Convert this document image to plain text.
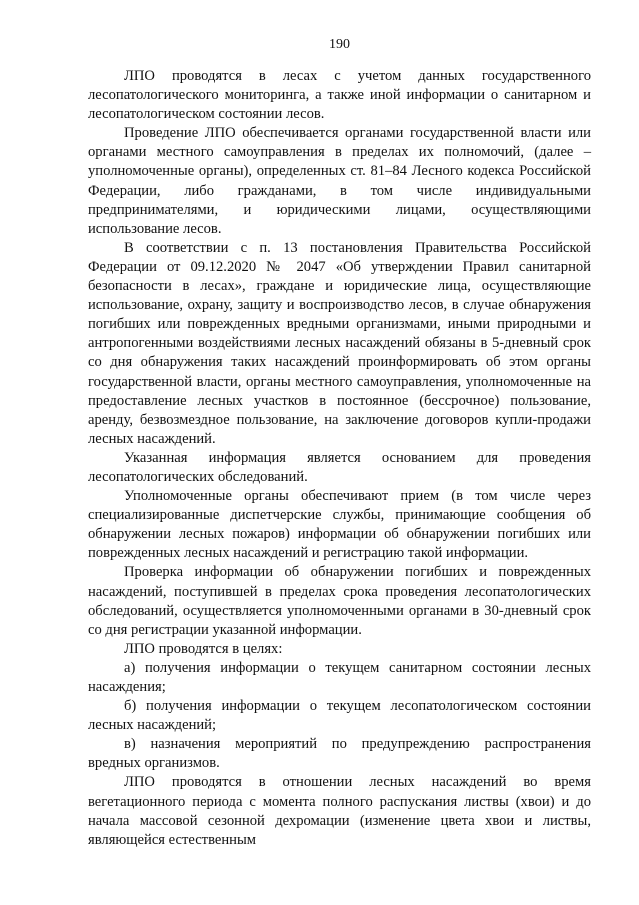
190

ЛПО проводятся в лесах с учетом данных государственного лесопатологического мониторинга, а также иной информации о санитарном и лесопатологическом состоянии лесов.

Проведение ЛПО обеспечивается органами государственной власти или органами местного самоуправления в пределах их полномочий, (далее – уполномоченные органы), определенных ст. 81–84 Лесного кодекса Российской Федерации, либо гражданами, в том числе индивидуальными предпринимателями, и юридическими лицами, осуществляющими использование лесов.

В соответствии с п. 13 постановления Правительства Российской Федерации от 09.12.2020 № 2047 «Об утверждении Правил санитарной безопасности в лесах», граждане и юридические лица, осуществляющие использование, охрану, защиту и воспроизводство лесов, в случае обнаружения погибших или поврежденных вредными организмами, иными природными и антропогенными воздействиями лесных насаждений обязаны в 5-дневный срок со дня обнаружения таких насаждений проинформировать об этом органы государственной власти, органы местного самоуправления, уполномоченные на предоставление лесных участков в постоянное (бессрочное) пользование, аренду, безвозмездное пользование, на заключение договоров купли-продажи лесных насаждений.

Указанная информация является основанием для проведения лесопатологических обследований.

Уполномоченные органы обеспечивают прием (в том числе через специализированные диспетчерские службы, принимающие сообщения об обнаружении лесных пожаров) информации об обнаружении погибших или поврежденных лесных насаждений и регистрацию такой информации.

Проверка информации об обнаружении погибших и поврежденных насаждений, поступившей в пределах срока проведения лесопатологических обследований, осуществляется уполномоченными органами в 30-дневный срок со дня регистрации указанной информации.

ЛПО проводятся в целях:

а) получения информации о текущем санитарном состоянии лесных насаждения;

б) получения информации о текущем лесопатологическом состоянии лесных насаждений;

в) назначения мероприятий по предупреждению распространения вредных организмов.

ЛПО проводятся в отношении лесных насаждений во время вегетационного периода с момента полного распускания листвы (хвои) и до начала массовой сезонной дехромации (изменение цвета хвои и листвы, являющейся естественным
